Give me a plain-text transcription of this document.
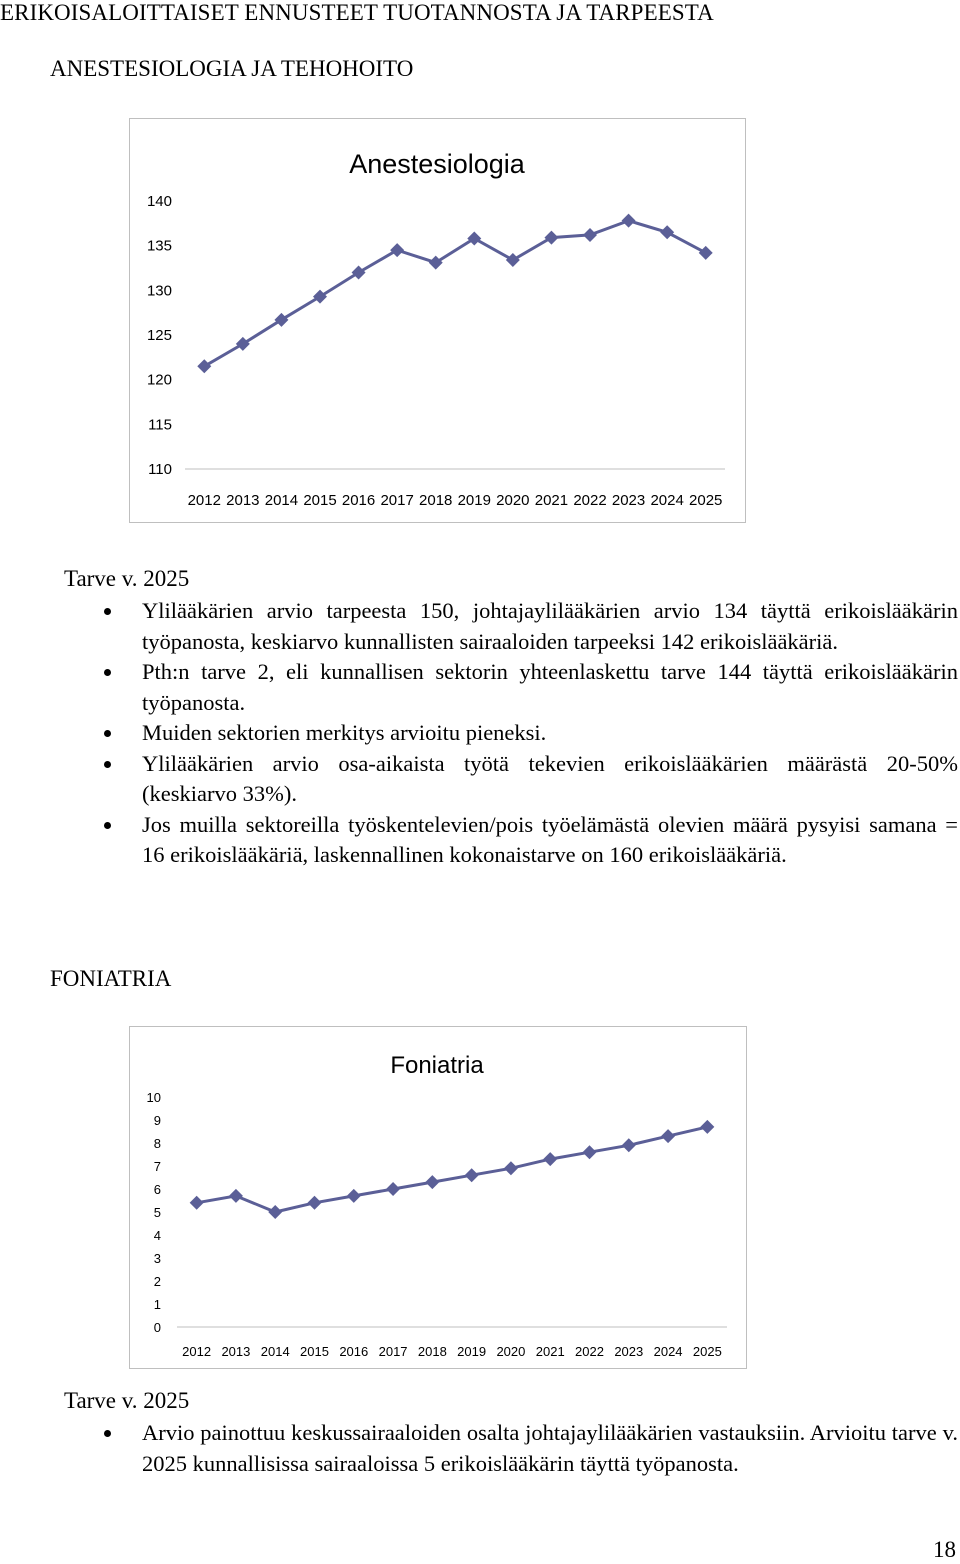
ERIKOISALOITTAISET ENNUSTEET TUOTANNOSTA JA TARPEESTA
ANESTESIOLOGIA JA TEHOHOITO
Anestesiologia
140
135
130
125
120
115
110
2012 2013 2014 2015 2016 2017 2018 2019 2020 2021 2022 2023 2024 2025
Tarve v. 2025
Ylilääkärien arvio tarpeesta 150, johtajaylilääkärien arvio 134 täyttä erikoislääkärin työpanosta, keskiarvo kunnallisten sairaaloiden tarpeeksi 142 erikoislääkäriä.
Pth:n tarve 2, eli kunnallisen sektorin yhteenlaskettu tarve 144 täyttä erikoislääkärin työpanosta.
Muiden sektorien merkitys arvioitu pieneksi.
Ylilääkärien arvio osa-aikaista työtä tekevien erikoislääkärien määrästä 20-50% (keskiarvo 33%).
Jos muilla sektoreilla työskentelevien/pois työelämästä olevien määrä pysyisi samana = 16 erikoislääkäriä, laskennallinen kokonaistarve on 160 erikoislääkäriä.
FONIATRIA
Foniatria
10
9
8
7
6
5
4
3
2
1
0
2012 2013 2014 2015 2016 2017 2018 2019 2020 2021 2022 2023 2024 2025
Tarve v. 2025
Arvio painottuu keskussairaaloiden osalta johtajaylilääkärien vastauksiin. Arvioitu tarve v. 2025 kunnallisissa sairaaloissa 5 erikoislääkärin täyttä työpanosta.
18
